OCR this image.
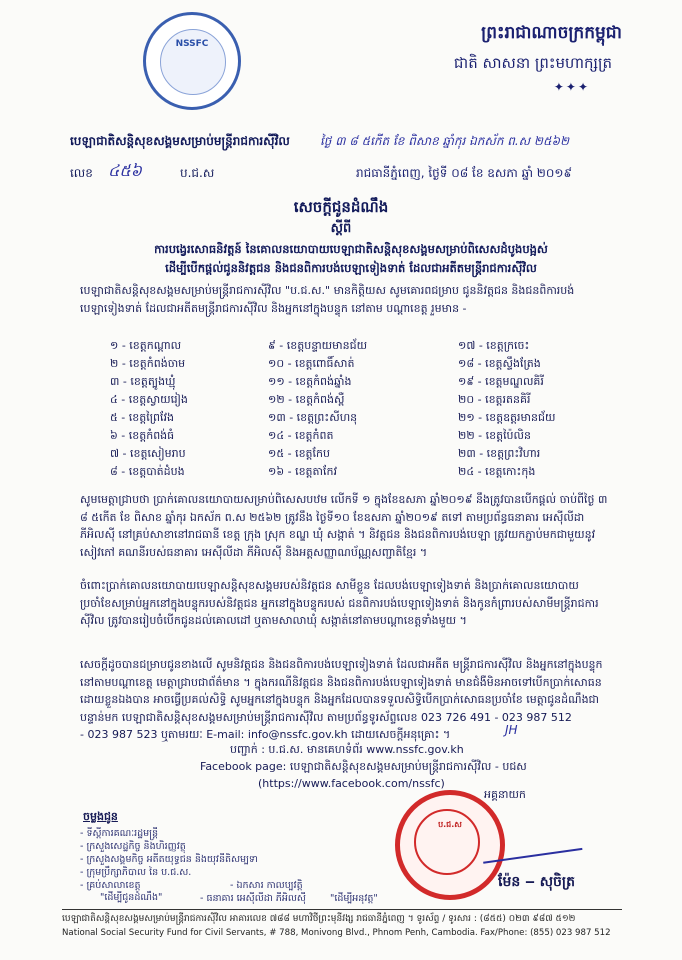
NSSFC
ព្រះរាជាណាចក្រកម្ពុជា
ជាតិ សាសនា ព្រះមហាក្សត្រ
✦✦✦
បេឡាជាតិសន្តិសុខសង្គមសម្រាប់មន្ត្រីរាជការស៊ីវិល	ថ្ងៃ ៣ ៨ ៥កើត ខែ ពិសាខ ឆ្នាំកុរ ឯកស័ក ព.ស ២៥៦២
លេខ ៤៥៦	ប.ជ.ស	រាជធានីភ្នំពេញ, ថ្ងៃទី ០៨ ខែ ឧសភា ឆ្នាំ ២០១៩
សេចក្តីជូនដំណឹង
ស្តីពី
ការបង្វេរសោធនិវត្តន៍ នៃគោលនយោបាយបេឡាជាតិសន្តិសុខសង្គមសម្រាប់ពិសេសដំបូងបង្អស់
ដើម្បីបើកផ្តល់ជូននិវត្តជន និងជនពិការបង់បេឡាទៀងទាត់ ដែលជាអតីតមន្ត្រីរាជការស៊ីវិល
បេឡាជាតិសន្តិសុខសង្គមសម្រាប់មន្ត្រីរាជការស៊ីវិល "ប.ជ.ស." មានកិត្តិយស សូមគោរពជម្រាប ជូននិវត្តជន និងជនពិការបង់បេឡាទៀងទាត់ ដែលជាអតីតមន្ត្រីរាជការស៊ីវិល និងអ្នកនៅក្នុងបន្ទុក នៅតាម បណ្តាខេត្ត រួមមាន -
១ - ខេត្តកណ្តាល
២ - ខេត្តកំពង់ចាម
៣ - ខេត្តត្បូងឃ្មុំ
៤ - ខេត្តស្វាយរៀង
៥ - ខេត្តព្រៃវែង
៦ - ខេត្តកំពង់ធំ
៧ - ខេត្តសៀមរាប
៨ - ខេត្តបាត់ដំបង
៩ - ខេត្តបន្ទាយមានជ័យ
១០ - ខេត្តពោធិ៍សាត់
១១ - ខេត្តកំពង់ឆ្នាំង
១២ - ខេត្តកំពង់ស្ពឺ
១៣ - ខេត្តព្រះសីហនុ
១៤ - ខេត្តកំពត
១៥ - ខេត្តកែប
១៦ - ខេត្តតាកែវ
១៧ - ខេត្តក្រចេះ
១៨ - ខេត្តស្ទឹងត្រែង
១៩ - ខេត្តមណ្ឌលគិរី
២០ - ខេត្តរតនគិរី
២១ - ខេត្តឧត្តរមានជ័យ
២២ - ខេត្តប៉ៃលិន
២៣ - ខេត្តព្រះវិហារ
២៤ - ខេត្តកោះកុង
សូមមេត្តាជ្រាបថា ប្រាក់គោលនយោបាយសម្រាប់ពិសេសបឋម លើកទី ១ ក្នុងខែឧសភា ឆ្នាំ២០១៩ នឹងត្រូវបានបើកផ្តល់ ចាប់ពីថ្ងៃ ៣ ៨ ៥កើត ខែ ពិសាខ ឆ្នាំកុរ ឯកស័ក ព.ស ២៥៦២ ត្រូវនឹង ថ្ងៃទី១០ ខែឧសភា ឆ្នាំ២០១៩ តទៅ តាមប្រព័ន្ធធនាគារ អេស៊ីលីដា ភីអិលស៊ី នៅគ្រប់សាខានៅរាជធានី ខេត្ត ក្រុង ស្រុក ខណ្ឌ ឃុំ សង្កាត់ ។ និវត្តជន និងជនពិការបង់បេឡា ត្រូវយកភ្ជាប់មកជាមួយនូវសៀវភៅ គណនីរបស់ធនាគារ អេស៊ីលីដា ភីអិលស៊ី និងអត្តសញ្ញាណប័ណ្ណសញ្ជាតិខ្មែរ ។
ចំពោះប្រាក់គោលនយោបាយបេឡាសន្តិសុខសង្គមរបស់និវត្តជន សាមីខ្លួន ដែលបង់បេឡាទៀងទាត់ និងប្រាក់គោលនយោបាយប្រចាំខែសម្រាប់អ្នកនៅក្នុងបន្ទុករបស់និវត្តជន អ្នកនៅក្នុងបន្ទុករបស់ ជនពិការបង់បេឡាទៀងទាត់ និងកូនកំព្រារបស់សាមីមន្ត្រីរាជការស៊ីវិល ត្រូវបានរៀបចំបើកជូនដល់គោលដៅ ឬតាមសាលាឃុំ សង្កាត់នៅតាមបណ្តាខេត្តទាំងមួយ ។
សេចក្តីដូចបានជម្រាបជូនខាងលើ សូមនិវត្តជន និងជនពិការបង់បេឡាទៀងទាត់ ដែលជាអតីត មន្ត្រីរាជការស៊ីវិល និងអ្នកនៅក្នុងបន្ទុកនៅតាមបណ្តាខេត្ត មេត្តាជ្រាបជាព័ត៌មាន ។ ក្នុងករណីនិវត្តជន និងជនពិការបង់បេឡាទៀងទាត់ មានជំងឺមិនអាចទៅបើកប្រាក់សោធនដោយខ្លួនឯងបាន អាចធ្វើប្រគល់សិទ្ធិ សូមអ្នកនៅក្នុងបន្ទុក និងអ្នកដែលបានទទួលសិទ្ធិបើកប្រាក់សោធនប្រចាំខែ មេត្តាជូនដំណឹងជាបន្ទាន់មក បេឡាជាតិសន្តិសុខសង្គមសម្រាប់មន្ត្រីរាជការស៊ីវិល តាមប្រព័ន្ធទូរស័ព្ទលេខ 023 726 491 - 023 987 512
- 023 987 523 ឬតាមរយៈ E-mail: info@nssfc.gov.kh ដោយសេចក្តីអនុគ្រោះ ។	JH
បញ្ជាក់ : ប.ជ.ស. មានគេហទំព័រ www.nssfc.gov.kh
Facebook page: បេឡាជាតិសន្តិសុខសង្គមសម្រាប់មន្ត្រីរាជការស៊ីវិល - បជស
(https://www.facebook.com/nssfc)
ចម្លងជូន
- ទីស្តីការគណៈរដ្ឋមន្ត្រី
- ក្រសួងសេដ្ឋកិច្ច និងហិរញ្ញវត្ថុ
- ក្រសួងសង្គមកិច្ច អតីតយុទ្ធជន និងយុវនីតិសម្បទា
- ក្រុមប្រឹក្សាភិបាល នៃ ប.ជ.ស.
- គ្រប់សាលាខេត្ត
"ដើម្បីជូនដំណឹង"	- ធនាគារ អេស៊ីលីដា ភីអិលស៊ី	"ដើម្បីអនុវត្ត"
- ឯកសារ កាលប្បវត្តិ
ប.ជ.ស
អគ្គនាយក
ម៉ែន ‒ សុចិត្រ
បេឡាជាតិសន្តិសុខសង្គមសម្រាប់មន្ត្រីរាជការស៊ីវិល អាគារលេខ ៧៨៨ មហាវិថីព្រះមុនីវង្ស រាជធានីភ្នំពេញ ។ ទូរស័ព្ទ / ទូរសារ : (៨៥៥) ០២៣ ៩៨៧ ៥១២
National Social Security Fund for Civil Servants, # 788, Monivong Blvd., Phnom Penh, Cambodia. Fax/Phone: (855) 023 987 512
